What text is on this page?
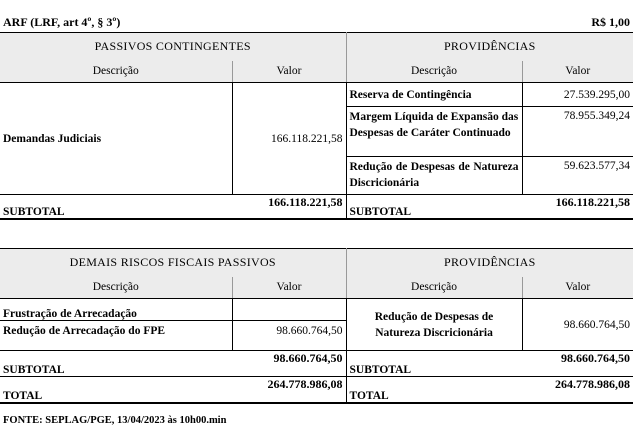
ARF (LRF, art 4º, § 3º)	R$ 1,00
PASSIVOS CONTINGENTES		PROVIDÊNCIAS	
Descrição	Valor	Descrição	Valor
Demandas Judiciais	166.118.221,58	Reserva de Contingência	27.539.295,00
		Margem Líquida de Expansão das Despesas de Caráter Continuado	78.955.349,24
		Redução de Despesas de Natureza Discricionária	59.623.577,34
SUBTOTAL	166.118.221,58	SUBTOTAL	166.118.221,58
DEMAIS RISCOS FISCAIS PASSIVOS		PROVIDÊNCIAS	
Descrição	Valor	Descrição	Valor
Frustração de Arrecadação		Redução de Despesas de Natureza Discricionária	98.660.764,50
Redução de Arrecadação do FPE	98.660.764,50		
SUBTOTAL	98.660.764,50	SUBTOTAL	98.660.764,50
TOTAL	264.778.986,08	TOTAL	264.778.986,08
FONTE: SEPLAG/PGE, 13/04/2023 às 10h00.min
